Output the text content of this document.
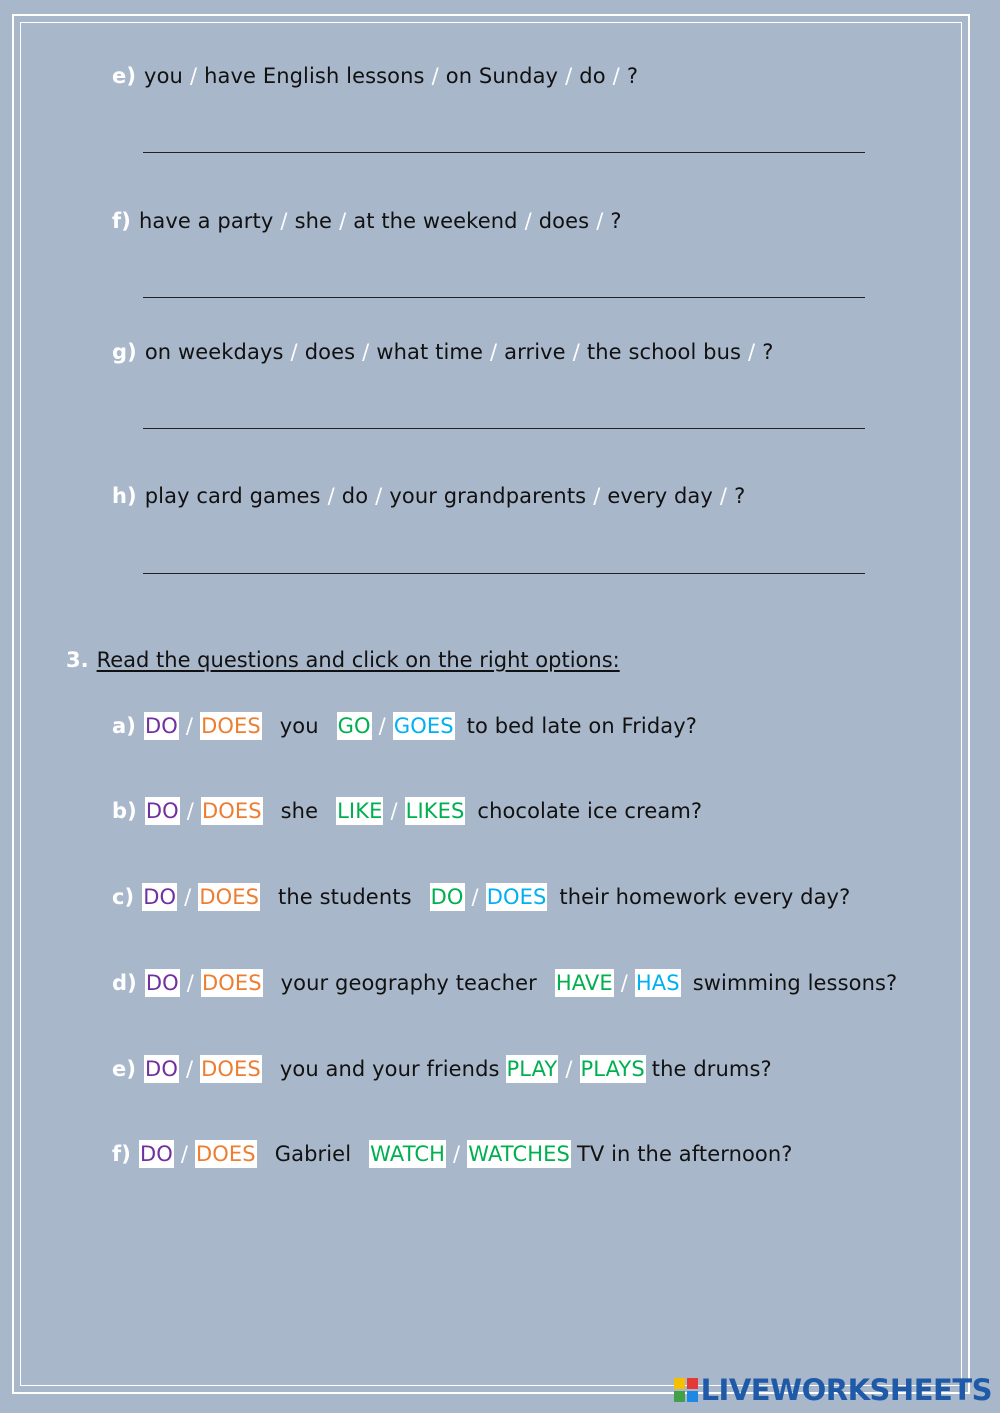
e) you / have English lessons / on Sunday / do / ?
f) have a party / she / at the weekend / does / ?
g) on weekdays / does / what time / arrive / the school bus / ?
h) play card games / do / your grandparents / every day / ?
3. Read the questions and click on the right options:
a) DO / DOES you GO / GOES to bed late on Friday?
b) DO / DOES she LIKE / LIKES chocolate ice cream?
c) DO / DOES the students DO / DOES their homework every day?
d) DO / DOES your geography teacher HAVE / HAS swimming lessons?
e) DO / DOES you and your friends PLAY / PLAYS the drums?
f) DO / DOES Gabriel WATCH / WATCHES TV in the afternoon?
LIVEWORKSHEETS
